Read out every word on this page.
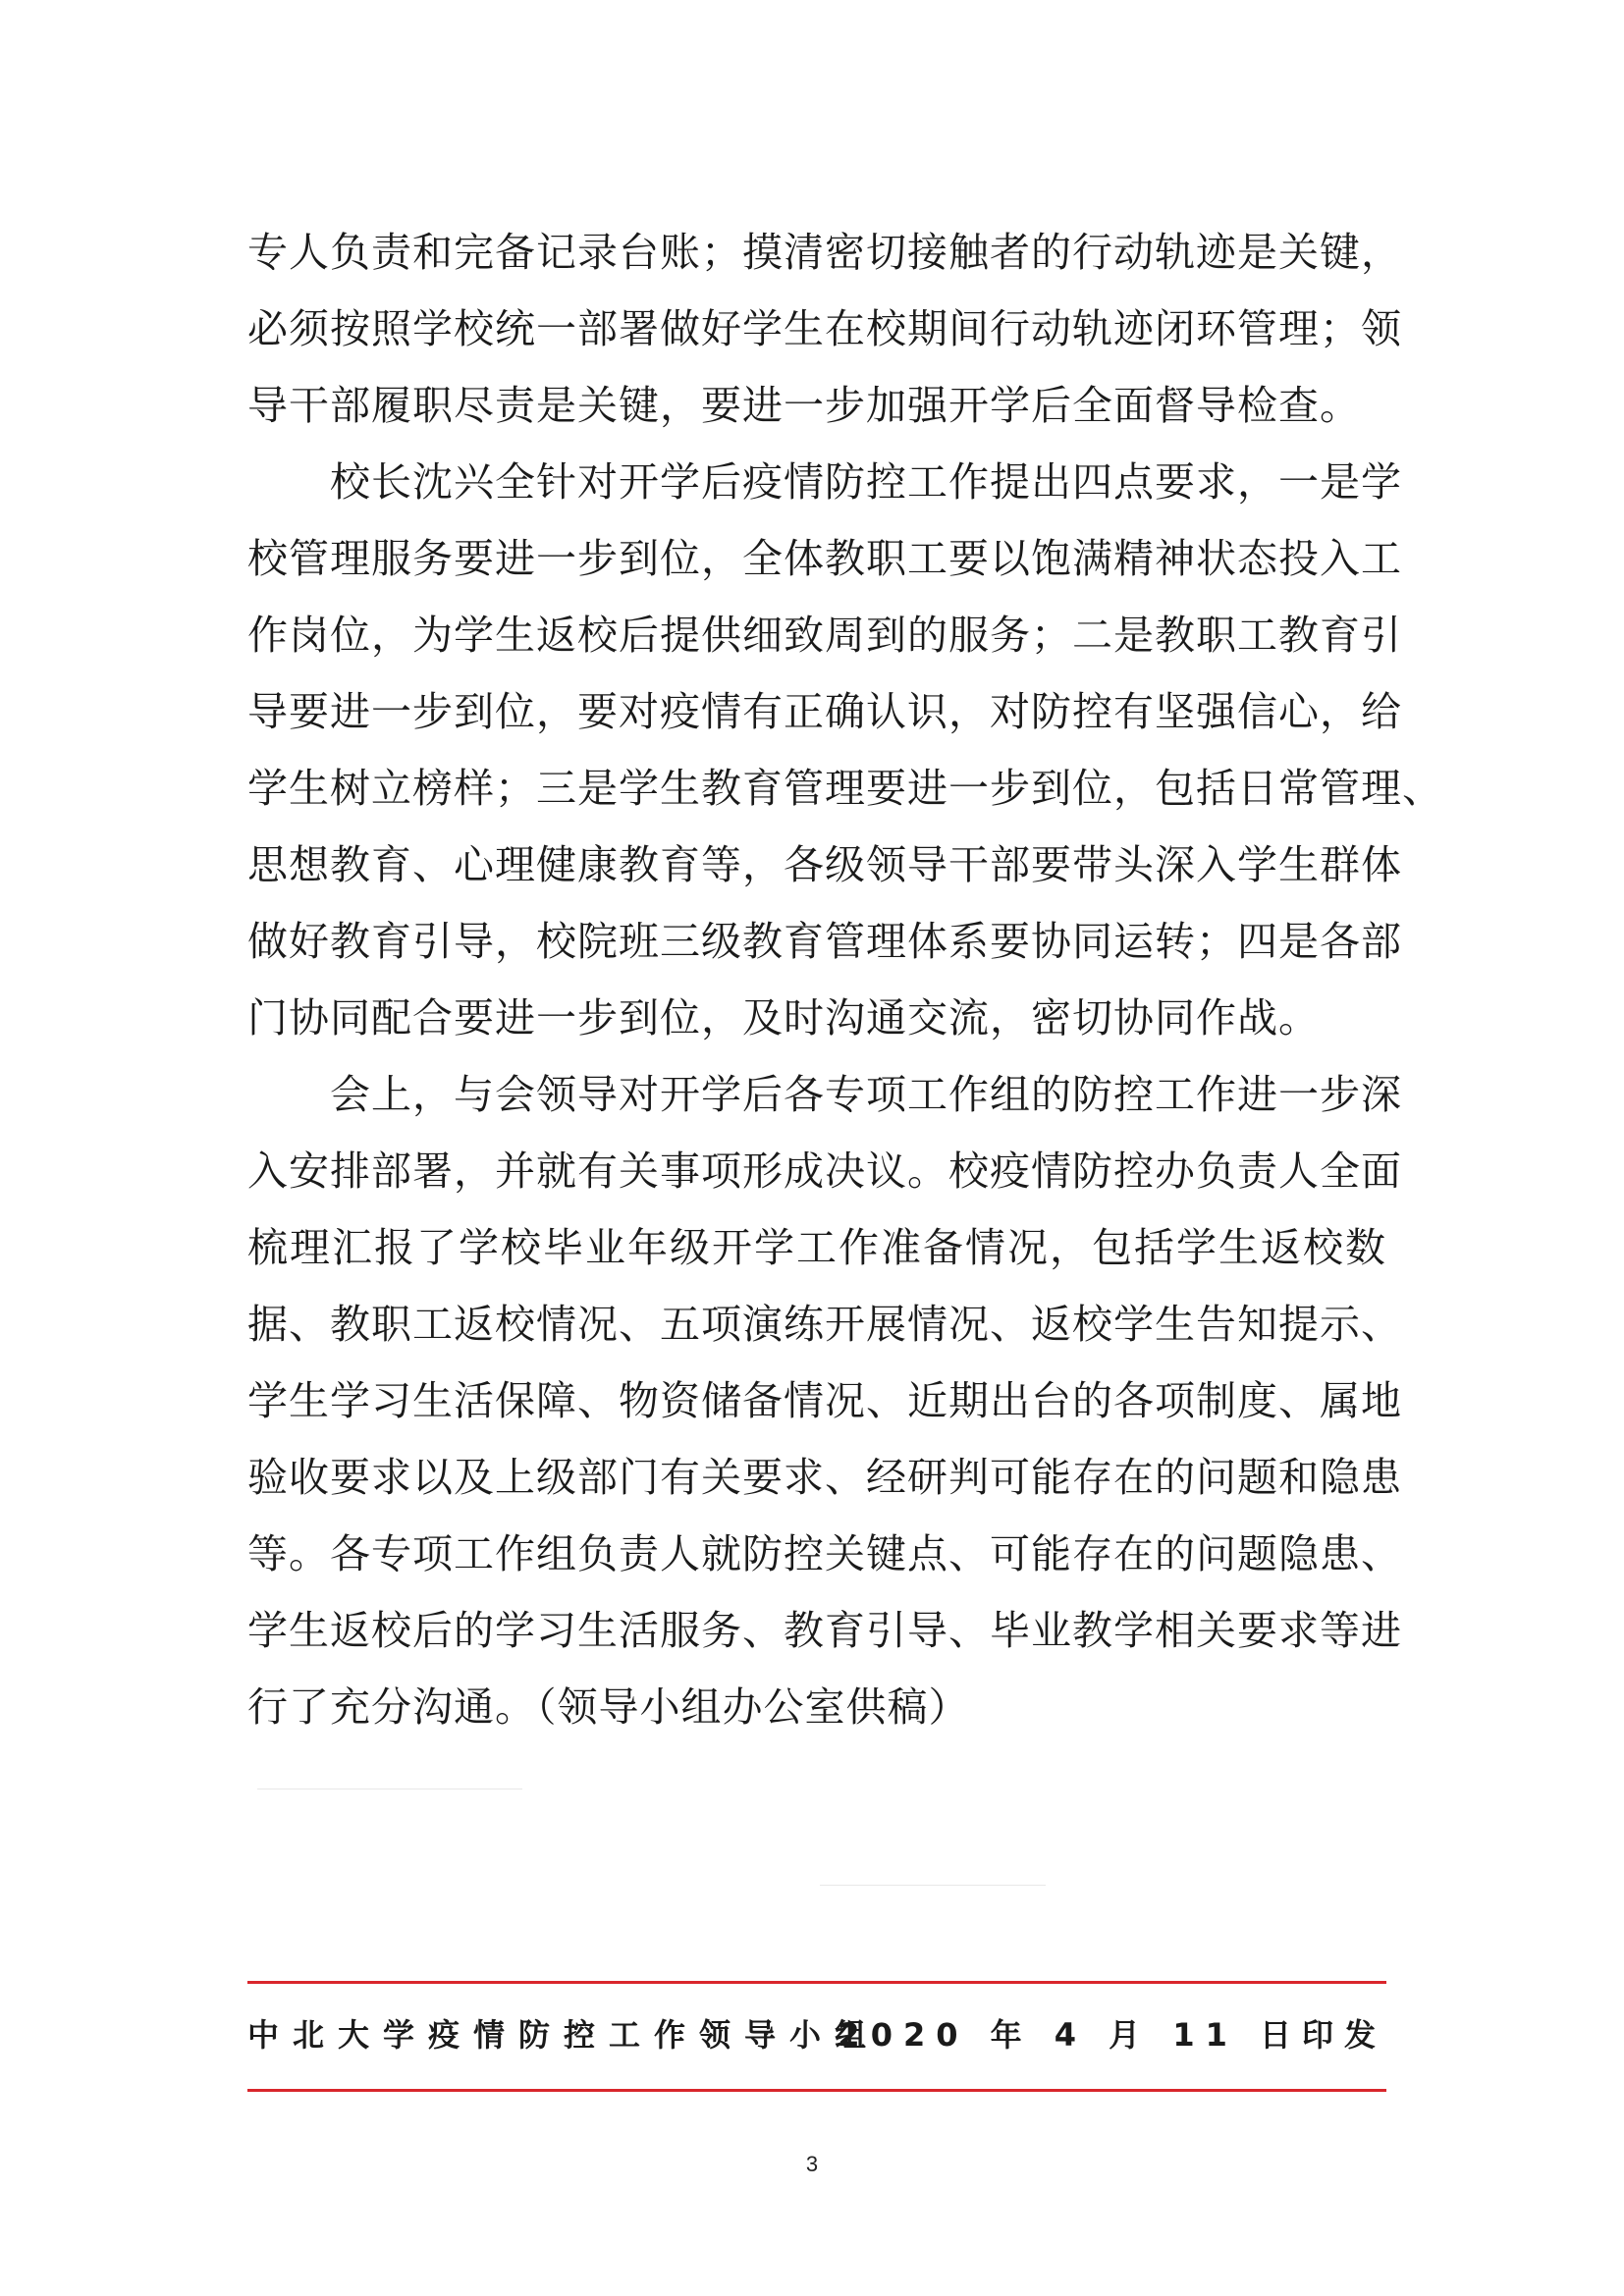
专人负责和完备记录台账；摸清密切接触者的行动轨迹是关键，
必须按照学校统一部署做好学生在校期间行动轨迹闭环管理；领
导干部履职尽责是关键，要进一步加强开学后全面督导检查。
　　校长沈兴全针对开学后疫情防控工作提出四点要求，一是学
校管理服务要进一步到位，全体教职工要以饱满精神状态投入工
作岗位，为学生返校后提供细致周到的服务；二是教职工教育引
导要进一步到位，要对疫情有正确认识，对防控有坚强信心，给
学生树立榜样；三是学生教育管理要进一步到位，包括日常管理、
思想教育、心理健康教育等，各级领导干部要带头深入学生群体
做好教育引导，校院班三级教育管理体系要协同运转；四是各部
门协同配合要进一步到位，及时沟通交流，密切协同作战。
　　会上，与会领导对开学后各专项工作组的防控工作进一步深
入安排部署，并就有关事项形成决议。校疫情防控办负责人全面
梳理汇报了学校毕业年级开学工作准备情况，包括学生返校数
据、教职工返校情况、五项演练开展情况、返校学生告知提示、
学生学习生活保障、物资储备情况、近期出台的各项制度、属地
验收要求以及上级部门有关要求、经研判可能存在的问题和隐患
等。各专项工作组负责人就防控关键点、可能存在的问题隐患、
学生返校后的学习生活服务、教育引导、毕业教学相关要求等进
行了充分沟通。（领导小组办公室供稿）
中北大学疫情防控工作领导小组
2020 年 4 月 11 日印发
3
